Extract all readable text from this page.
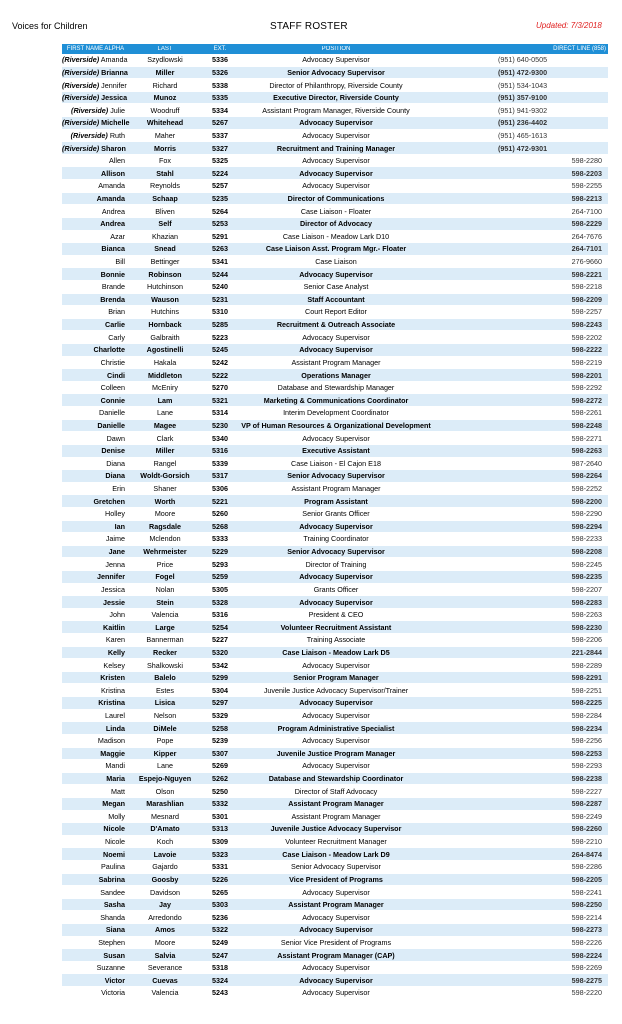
Voices for Children	STAFF ROSTER	Updated: 7/3/2018
FIRST NAME ALPHA	LAST	EXT.	POSITION	DIRECT LINE (858)
(Riverside) Amanda	Szydlowski	5336	Advocacy Supervisor	(951) 640-0505
(Riverside) Brianna	Miller	5326	Senior Advocacy Supervisor	(951) 472-9300
(Riverside) Jennifer	Richard	5338	Director of Philanthropy, Riverside County	(951) 534-1043
(Riverside) Jessica	Munoz	5335	Executive Director, Riverside County	(951) 357-9100
(Riverside) Julie	Woodruff	5334	Assistant Program Manager, Riverside County	(951) 941-9302
(Riverside) Michelle	Whitehead	5267	Advocacy Supervisor	(951) 236-4402
(Riverside) Ruth	Maher	5337	Advocacy Supervisor	(951) 465-1613
(Riverside) Sharon	Morris	5327	Recruitment and Training Manager	(951) 472-9301
Allen	Fox	5325	Advocacy Supervisor	598-2280
Allison	Stahl	5224	Advocacy Supervisor	598-2203
Amanda	Reynolds	5257	Advocacy Supervisor	598-2255
Amanda	Schaap	5235	Director of Communications	598-2213
Andrea	Bliven	5264	Case Liaison - Floater	264-7100
Andrea	Self	5253	Director of Advocacy	598-2229
Azar	Khazian	5291	Case Liaison - Meadow Lark D10	264-7676
Bianca	Snead	5263	Case Liaison Asst. Program Mgr.- Floater	264-7101
Bill	Bettinger	5341	Case Liaison	276-9660
Bonnie	Robinson	5244	Advocacy Supervisor	598-2221
Brande	Hutchinson	5240	Senior Case Analyst	598-2218
Brenda	Wauson	5231	Staff Accountant	598-2209
Brian	Hutchins	5310	Court Report Editor	598-2257
Carlie	Hornback	5285	Recruitment & Outreach Associate	598-2243
Carly	Galbraith	5223	Advocacy Supervisor	598-2202
Charlotte	Agostinelli	5245	Advocacy Supervisor	598-2222
Christie	Hakala	5242	Assistant Program Manager	598-2219
Cindi	Middleton	5222	Operations Manager	598-2201
Colleen	McEniry	5270	Database and Stewardship Manager	598-2292
Connie	Lam	5321	Marketing & Communications Coordinator	598-2272
Danielle	Lane	5314	Interim Development Coordinator	598-2261
Danielle	Magee	5230	VP of Human Resources & Organizational Development	598-2248
Dawn	Clark	5340	Advocacy Supervisor	598-2271
Denise	Miller	5316	Executive Assistant	598-2263
Diana	Rangel	5339	Case Liaison - El Cajon E18	987-2640
Diana	Woldt-Gorsich	5317	Senior Advocacy Supervisor	598-2264
Erin	Shaner	5306	Assistant Program Manager	598-2252
Gretchen	Worth	5221	Program Assistant	598-2200
Holley	Moore	5260	Senior Grants Officer	598-2290
Ian	Ragsdale	5268	Advocacy Supervisor	598-2294
Jaime	Mclendon	5333	Training Coordinator	598-2233
Jane	Wehrmeister	5229	Senior Advocacy Supervisor	598-2208
Jenna	Price	5293	Director of Training	598-2245
Jennifer	Fogel	5259	Advocacy Supervisor	598-2235
Jessica	Nolan	5305	Grants Officer	598-2207
Jessie	Stein	5328	Advocacy Supervisor	598-2283
John	Valencia	5316	President & CEO	598-2263
Kaitlin	Large	5254	Volunteer Recruitment Assistant	598-2230
Karen	Bannerman	5227	Training Associate	598-2206
Kelly	Recker	5320	Case Liaison - Meadow Lark D5	221-2844
Kelsey	Shalkowski	5342	Advocacy Supervisor	598-2289
Kristen	Balelo	5299	Senior Program Manager	598-2291
Kristina	Estes	5304	Juvenile Justice Advocacy Supervisor/Trainer	598-2251
Kristina	Lisica	5297	Advocacy Supervisor	598-2225
Laurel	Nelson	5329	Advocacy Supervisor	598-2284
Linda	DiMele	5258	Program Administrative Specialist	598-2234
Madison	Pope	5239	Advocacy Supervisor	598-2256
Maggie	Kipper	5307	Juvenile Justice Program Manager	598-2253
Mandi	Lane	5269	Advocacy Supervisor	598-2293
Maria	Espejo-Nguyen	5262	Database and Stewardship Coordinator	598-2238
Matt	Olson	5250	Director of Staff Advocacy	598-2227
Megan	Marashlian	5332	Assistant Program Manager	598-2287
Molly	Mesnard	5301	Assistant Program Manager	598-2249
Nicole	D'Amato	5313	Juvenile Justice Advocacy Supervisor	598-2260
Nicole	Koch	5309	Volunteer Recruitment Manager	598-2210
Noemi	Lavoie	5323	Case Liaison - Meadow Lark D9	264-8474
Paulina	Gajardo	5331	Senior Advocacy Supervisor	598-2286
Sabrina	Goosby	5226	Vice President of Programs	598-2205
Sandee	Davidson	5265	Advocacy Supervisor	598-2241
Sasha	Jay	5303	Assistant Program Manager	598-2250
Shanda	Arredondo	5236	Advocacy Supervisor	598-2214
Siana	Amos	5322	Advocacy Supervisor	598-2273
Stephen	Moore	5249	Senior Vice President of Programs	598-2226
Susan	Salvia	5247	Assistant Program Manager (CAP)	598-2224
Suzanne	Severance	5318	Advocacy Supervisor	598-2269
Victor	Cuevas	5324	Advocacy Supervisor	598-2275
Victoria	Valencia	5243	Advocacy Supervisor	598-2220
